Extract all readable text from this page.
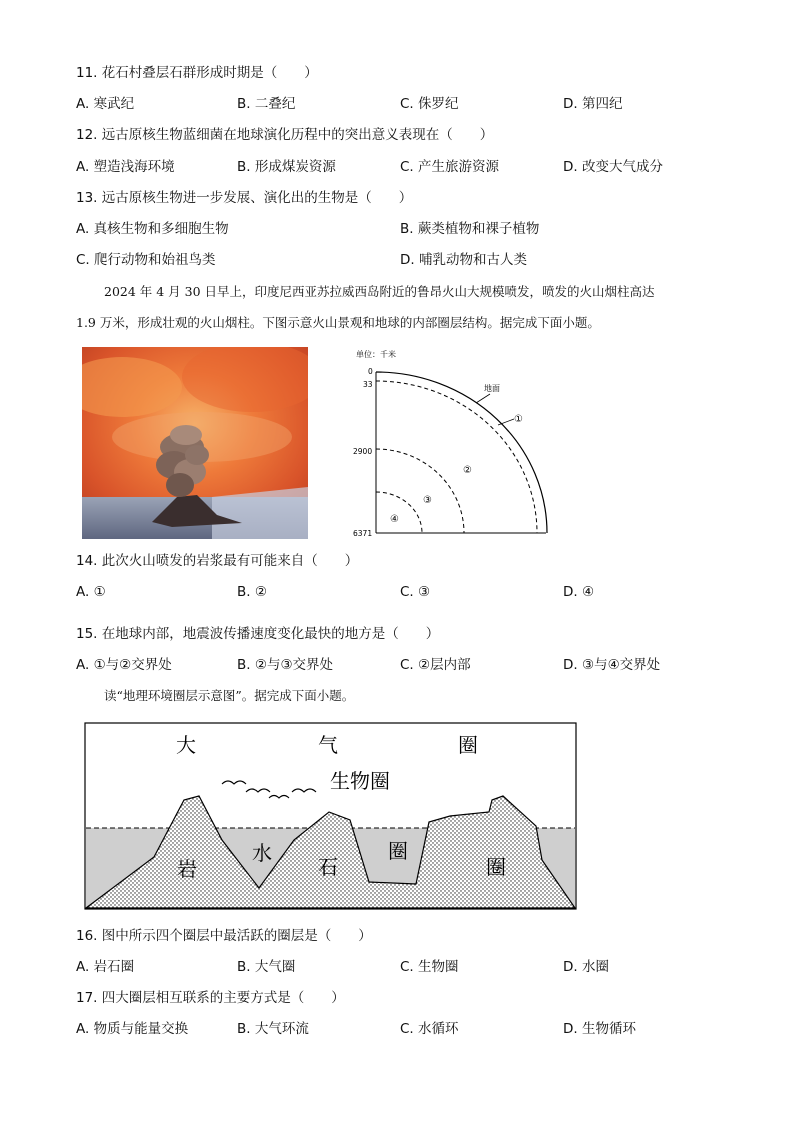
11. 花石村叠层石群形成时期是（　　）
A. 寒武纪	B. 二叠纪	C. 侏罗纪	D. 第四纪
12. 远古原核生物蓝细菌在地球演化历程中的突出意义表现在（　　）
A. 塑造浅海环境	B. 形成煤炭资源	C. 产生旅游资源	D. 改变大气成分
13. 远古原核生物进一步发展、演化出的生物是（　　）
A. 真核生物和多细胞生物	B. 蕨类植物和裸子植物
C. 爬行动物和始祖鸟类	D. 哺乳动物和古人类
2024 年 4 月 30 日早上，印度尼西亚苏拉威西岛附近的鲁昂火山大规模喷发，喷发的火山烟柱高达
1.9 万米，形成壮观的火山烟柱。下图示意火山景观和地球的内部圈层结构。据完成下面小题。
单位：千米
0
33
2900
6371
地面
①
②
③
④
14. 此次火山喷发的岩浆最有可能来自（　　）
A. ①	B. ②	C. ③	D. ④
15. 在地球内部，地震波传播速度变化最快的地方是（　　）
A. ①与②交界处	B. ②与③交界处	C. ②层内部	D. ③与④交界处
读“地理环境圈层示意图”。据完成下面小题。
大	气	圈
生物圈
岩
水
石
圈
圈
16. 图中所示四个圈层中最活跃的圈层是（　　）
A. 岩石圈	B. 大气圈	C. 生物圈	D. 水圈
17. 四大圈层相互联系的主要方式是（　　）
A. 物质与能量交换	B. 大气环流	C. 水循环	D. 生物循环
